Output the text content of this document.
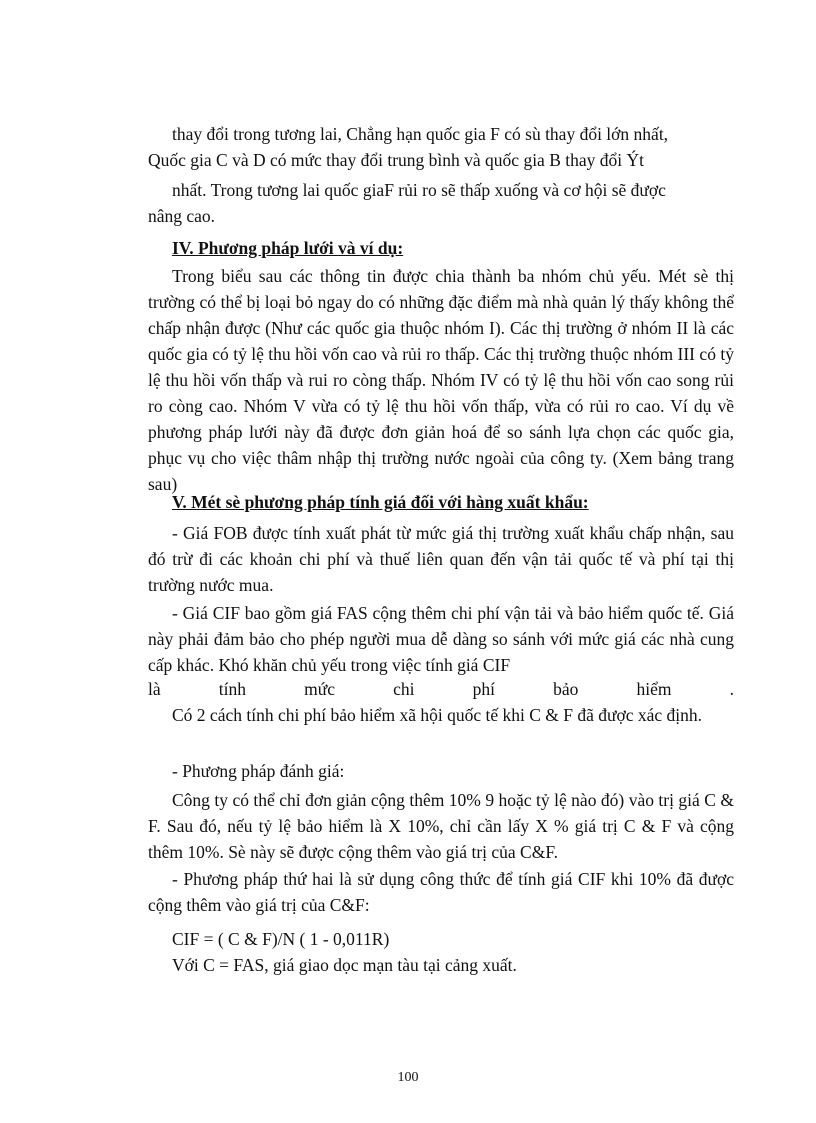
thay đổi trong tương lai, Chẳng hạn quốc gia F có sù thay đổi lớn nhất,

Quốc gia C và D có mức thay đổi trung bình và quốc gia B thay đổi Ýt

nhất. Trong tương lai quốc giaF rủi ro sẽ thấp xuống và cơ hội sẽ được

nâng cao.

IV. Phương pháp lưới và ví dụ:

Trong biểu sau các thông tin được chia thành ba nhóm chủ yếu. Mét sè thị trường có thể bị loại bỏ ngay do có những đặc điểm mà nhà quản lý thấy không thể chấp nhận được (Như các quốc gia thuộc nhóm I). Các thị trường ở nhóm II là các quốc gia có tỷ lệ thu hồi vốn cao và rủi ro thấp. Các thị trường thuộc nhóm III có tỷ lệ thu hồi vốn thấp và rui ro còng thấp. Nhóm IV có tỷ lệ thu hồi vốn cao song rủi ro còng cao. Nhóm V vừa có tỷ lệ thu hồi vốn thấp, vừa có rủi ro cao. Ví dụ về phương pháp lưới này đã được đơn giản hoá để so sánh lựa chọn các quốc gia, phục vụ cho việc thâm nhập thị trường nước ngoài của công ty. (Xem bảng trang sau)

V. Mét sè phương pháp tính giá đối với hàng xuất khẩu:

- Giá FOB được tính xuất phát từ mức giá thị trường xuất khẩu chấp nhận, sau đó trừ đi các khoản chi phí và thuế liên quan đến vận tải quốc tế và phí tại thị trường nước mua.

- Giá CIF bao gồm giá FAS cộng thêm chi phí vận tải và bảo hiểm quốc tế. Giá này phải đảm bảo cho phép người mua dễ dàng so sánh với mức giá các nhà cung cấp khác. Khó khăn chủ yếu trong việc tính giá CIF

là tính mức chi phí bảo hiểm .

Có 2 cách tính chi phí bảo hiểm xã hội quốc tế khi C & F đã được xác định.

- Phương pháp đánh giá:

Công ty có thể chỉ đơn giản cộng thêm 10% 9 hoặc tỷ lệ nào đó) vào trị giá C & F. Sau đó, nếu tỷ lệ bảo hiểm là X 10%, chỉ cần lấy X % giá trị C & F và cộng thêm 10%. Sè này sẽ được cộng thêm vào giá trị của C&F.

- Phương pháp thứ hai là sử dụng công thức để tính giá CIF khi 10% đã được cộng thêm vào giá trị của C&F:

CIF = ( C & F)/N ( 1 - 0,011R)

Với C = FAS, giá giao dọc mạn tàu tại cảng xuất.

100
